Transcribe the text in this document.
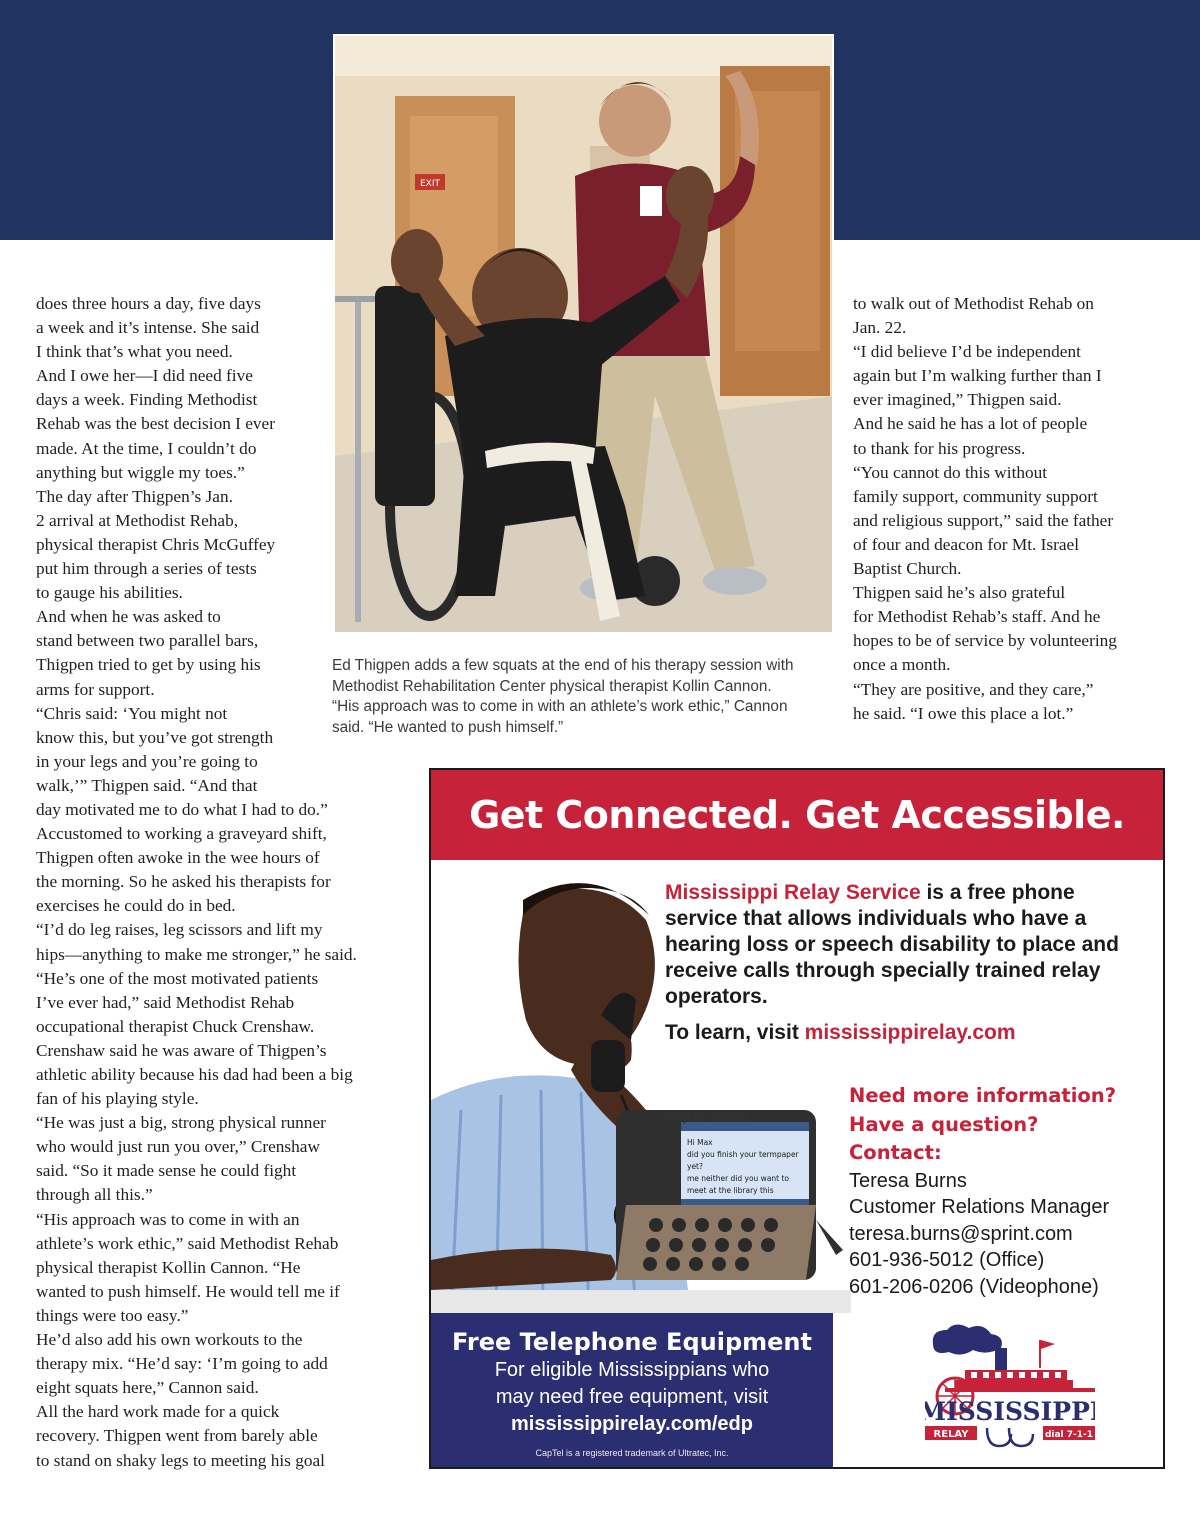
does three hours a day, five days
a week and it’s intense. She said
I think that’s what you need.
And I owe her—I did need five
days a week. Finding Methodist
Rehab was the best decision I ever
made. At the time, I couldn’t do
anything but wiggle my toes.”

The day after Thigpen’s Jan.
2 arrival at Methodist Rehab,
physical therapist Chris McGuffey
put him through a series of tests
to gauge his abilities.

And when he was asked to
stand between two parallel bars,
Thigpen tried to get by using his
arms for support.

“Chris said: ‘You might not
know this, but you’ve got strength
in your legs and you’re going to
walk,’” Thigpen said. “And that
day motivated me to do what I had to do.”

Accustomed to working a graveyard shift,
Thigpen often awoke in the wee hours of
the morning. So he asked his therapists for
exercises he could do in bed.

“I’d do leg raises, leg scissors and lift my
hips—anything to make me stronger,” he said.

“He’s one of the most motivated patients
I’ve ever had,” said Methodist Rehab
occupational therapist Chuck Crenshaw.

Crenshaw said he was aware of Thigpen’s
athletic ability because his dad had been a big
fan of his playing style.

“He was just a big, strong physical runner
who would just run you over,” Crenshaw
said. “So it made sense he could fight
through all this.”

“His approach was to come in with an
athlete’s work ethic,” said Methodist Rehab
physical therapist Kollin Cannon. “He
wanted to push himself. He would tell me if
things were too easy.”

He’d also add his own workouts to the
therapy mix. “He’d say: ‘I’m going to add
eight squats here,” Cannon said.

All the hard work made for a quick
recovery. Thigpen went from barely able
to stand on shaky legs to meeting his goal

to walk out of Methodist Rehab on
Jan. 22.

“I did believe I’d be independent
again but I’m walking further than I
ever imagined,” Thigpen said.

And he said he has a lot of people
to thank for his progress.

“You cannot do this without
family support, community support
and religious support,” said the father
of four and deacon for Mt. Israel
Baptist Church.

Thigpen said he’s also grateful
for Methodist Rehab’s staff. And he
hopes to be of service by volunteering
once a month.

“They are positive, and they care,”
he said. “I owe this place a lot.”

EXIT

Ed Thigpen adds a few squats at the end of his therapy session with

Methodist Rehabilitation Center physical therapist Kollin Cannon.

“His approach was to come in with an athlete’s work ethic,” Cannon

said. “He wanted to push himself.”

Get Connected. Get Accessible.
Hi Max did you finish your termpaper yet? me neither did you want to meet at the library this
Mississippi Relay Service is a free phone service that allows individuals who have a hearing loss or speech disability to place and receive calls through specially trained relay operators.
To learn, visit mississippirelay.com
CapTel 2400i
Need more information?
Have a question?
Contact:
Teresa Burns
Customer Relations Manager
teresa.burns@sprint.com
601-936-5012 (Office)
601-206-0206 (Videophone)
Free Telephone Equipment
For eligible Mississippians who
may need free equipment, visit
mississippirelay.com/edp
CapTel is a registered trademark of Ultratec, Inc.
MISSISSIPPI
RELAY	dial 7-1-1
